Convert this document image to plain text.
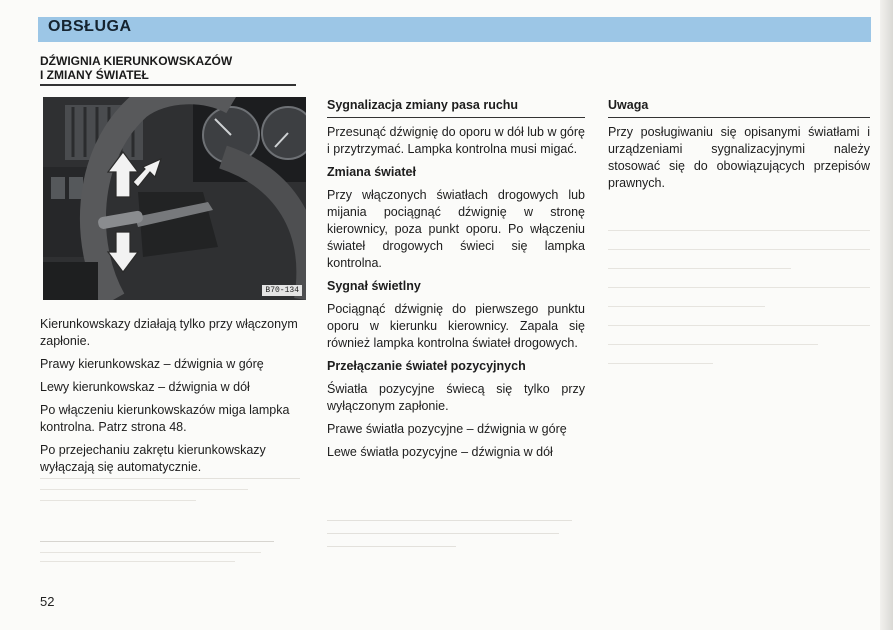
OBSŁUGA
DŹWIGNIA KIERUNKOWSKAZÓW
I ZMIANY ŚWIATEŁ
B70-134

Kierunkowskazy działają tylko przy włączonym zapłonie.

Prawy kierunkowskaz – dźwignia w górę

Lewy kierunkowskaz – dźwignia w dół

Po włączeniu kierunkowskazów miga lampka kontrolna. Patrz strona 48.

Po przejechaniu zakrętu kierunkowskazy wyłączają się automatycznie.

Sygnalizacja zmiany pasa ruchu

Przesunąć dźwignię do oporu w dół lub w górę i przytrzymać. Lampka kontrolna musi migać.

Zmiana świateł

Przy włączonych światłach drogowych lub mijania pociągnąć dźwignię w stronę kierownicy, poza punkt oporu. Po włączeniu świateł drogowych świeci się lampka kontrolna.

Sygnał świetlny

Pociągnąć dźwignię do pierwszego punktu oporu w kierunku kierownicy. Zapala się również lampka kontrolna świateł drogowych.

Przełączanie świateł pozycyjnych

Światła pozycyjne świecą się tylko przy wyłączonym zapłonie.

Prawe światła pozycyjne – dźwignia w górę

Lewe światła pozycyjne – dźwignia w dół

Uwaga

Przy posługiwaniu się opisanymi światłami i urządzeniami sygnalizacyjnymi należy stosować się do obowiązujących przepisów prawnych.

52
